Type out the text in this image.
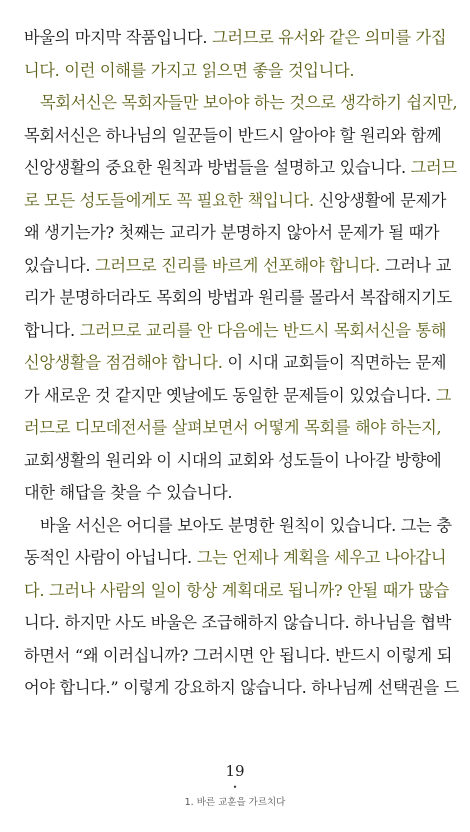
바울의 마지막 작품입니다. 그러므로 유서와 같은 의미를 가집
니다. 이런 이해를 가지고 읽으면 좋을 것입니다.
목회서신은 목회자들만 보아야 하는 것으로 생각하기 쉽지만,
목회서신은 하나님의 일꾼들이 반드시 알아야 할 원리와 함께
신앙생활의 중요한 원칙과 방법들을 설명하고 있습니다. 그러므
로 모든 성도들에게도 꼭 필요한 책입니다. 신앙생활에 문제가
왜 생기는가? 첫째는 교리가 분명하지 않아서 문제가 될 때가
있습니다. 그러므로 진리를 바르게 선포해야 합니다. 그러나 교
리가 분명하더라도 목회의 방법과 원리를 몰라서 복잡해지기도
합니다. 그러므로 교리를 안 다음에는 반드시 목회서신을 통해
신앙생활을 점검해야 합니다. 이 시대 교회들이 직면하는 문제
가 새로운 것 같지만 옛날에도 동일한 문제들이 있었습니다. 그
러므로 디모데전서를 살펴보면서 어떻게 목회를 해야 하는지,
교회생활의 원리와 이 시대의 교회와 성도들이 나아갈 방향에
대한 해답을 찾을 수 있습니다.
바울 서신은 어디를 보아도 분명한 원칙이 있습니다. 그는 충
동적인 사람이 아닙니다. 그는 언제나 계획을 세우고 나아갑니
다. 그러나 사람의 일이 항상 계획대로 됩니까? 안될 때가 많습
니다. 하지만 사도 바울은 조급해하지 않습니다. 하나님을 협박
하면서 “왜 이러십니까? 그러시면 안 됩니다. 반드시 이렇게 되
어야 합니다.” 이렇게 강요하지 않습니다. 하나님께 선택권을 드
19
•
1. 바른 교훈을 가르치다
